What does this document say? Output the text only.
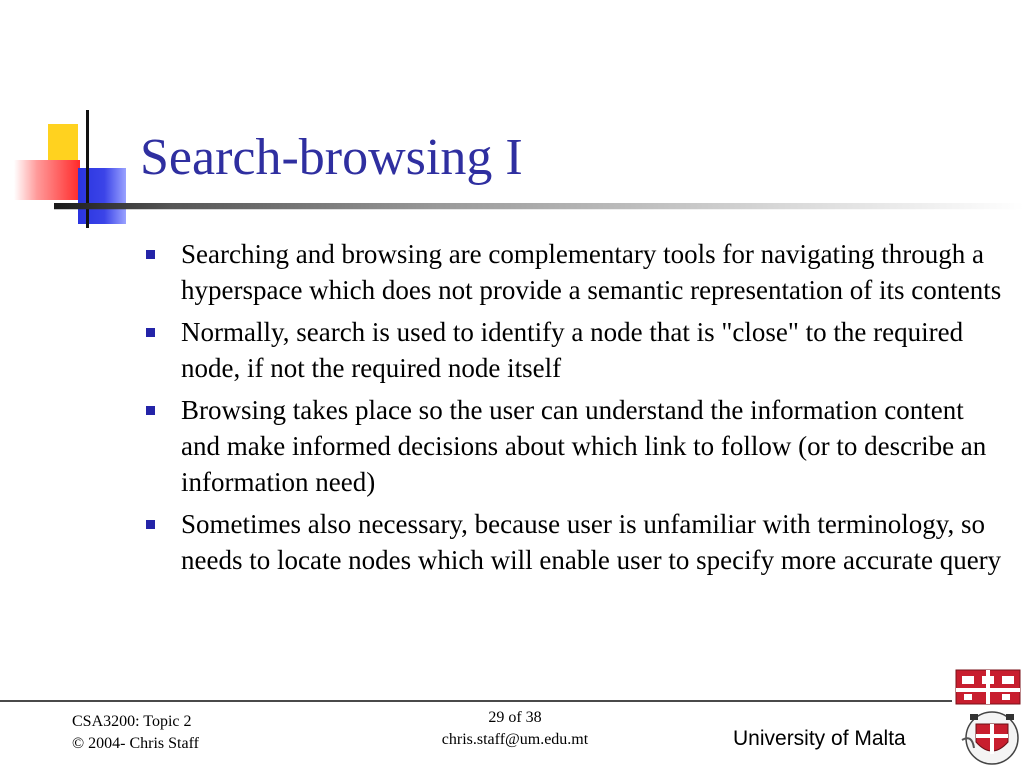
Search-browsing I
Searching and browsing are complementary tools for navigating through a hyperspace which does not provide a semantic representation of its contents
Normally, search is used to identify a node that is "close" to the required node, if not the required node itself
Browsing takes place so the user can understand the information content and make informed decisions about which link to follow (or to describe an information need)
Sometimes also necessary, because user is unfamiliar with terminology, so needs to locate nodes which will enable user to specify more accurate query
CSA3200: Topic 2
© 2004- Chris Staff
29 of 38
chris.staff@um.edu.mt	University of Malta
